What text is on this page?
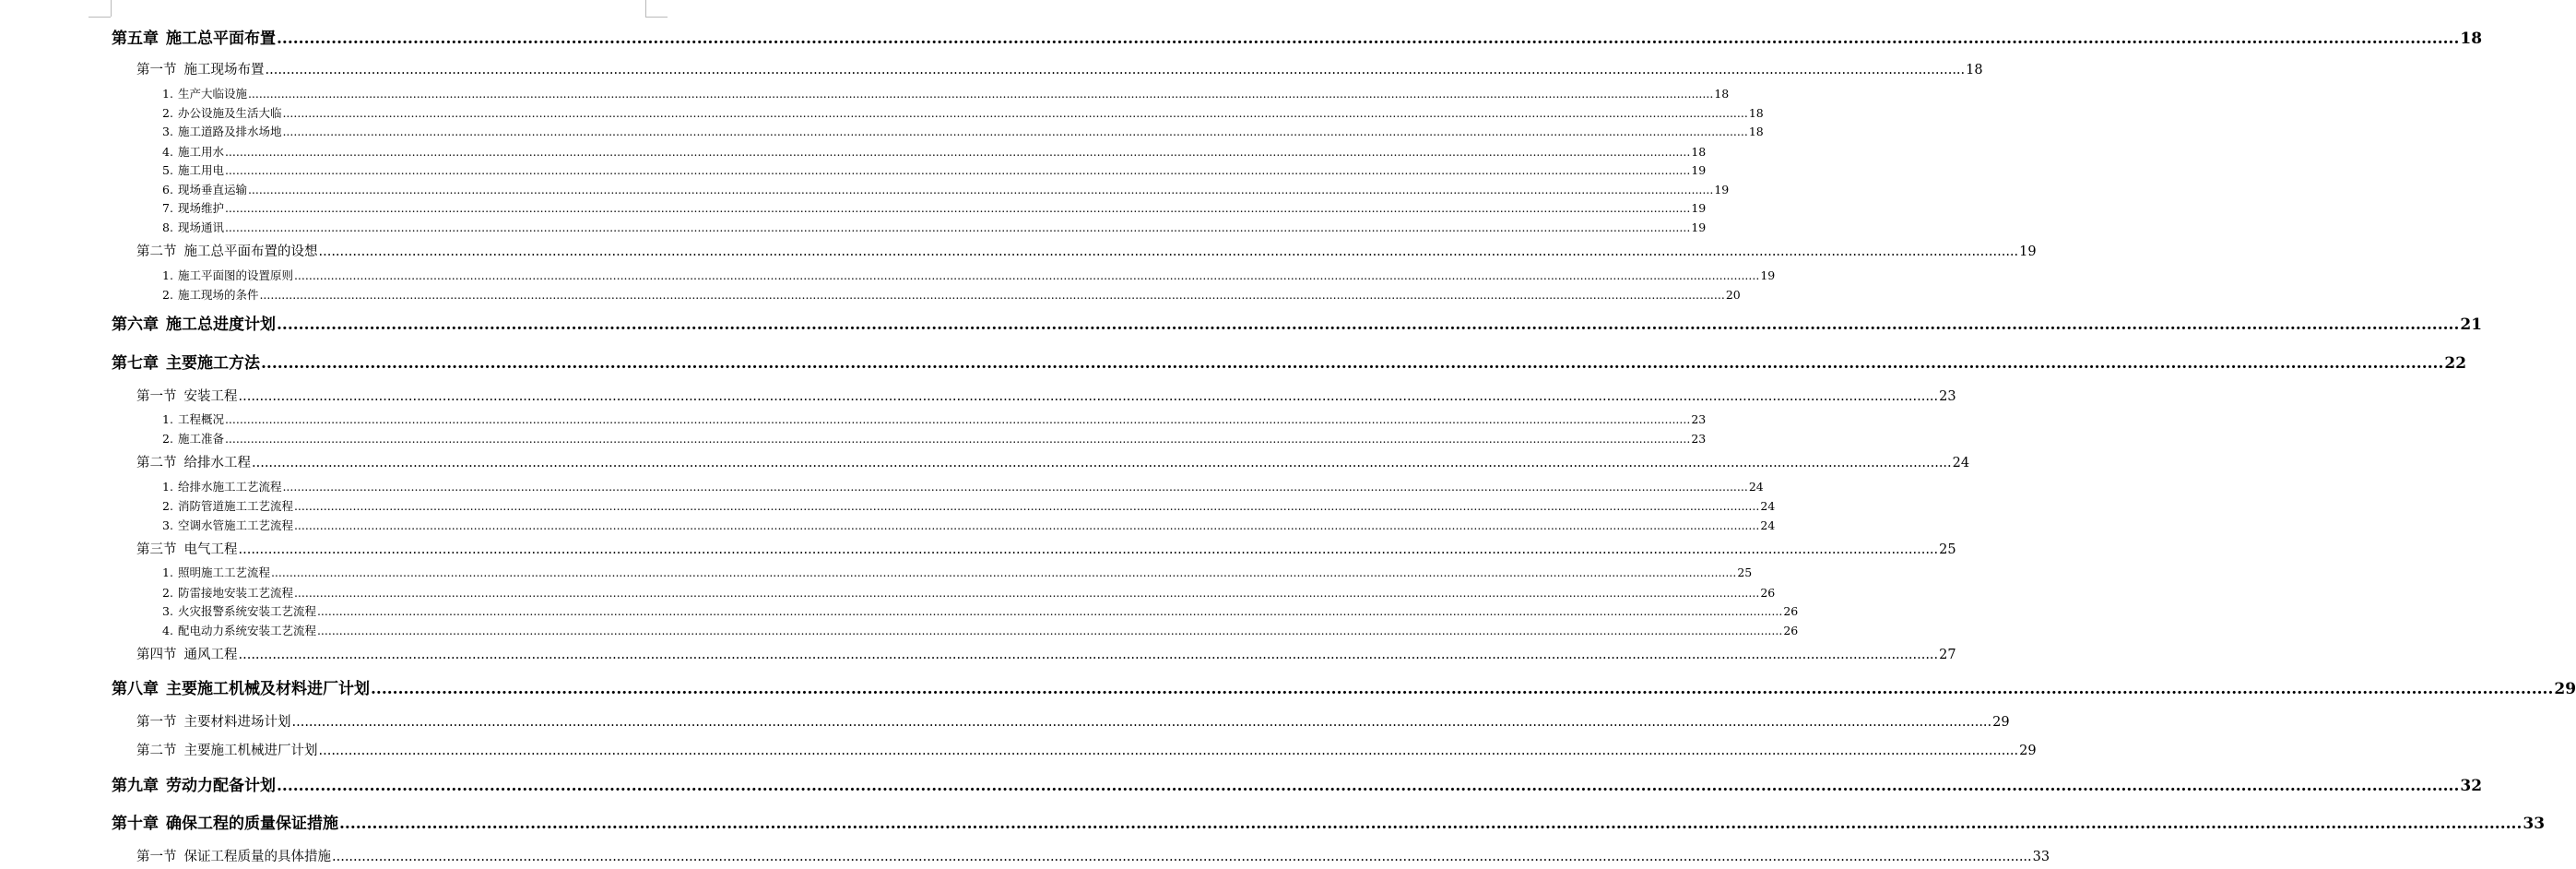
第五章 施工总平面布置 ................................................................................................................................................................................................................................................................................................................................................................................................................ 18
第一节 施工现场布置 ................................................................................................................................................................................................................................................................................................................................................................................................................ 18
1. 生产大临设施 ................................................................................................................................................................................................................................................................................................................................................................................................................ 18
2. 办公设施及生活大临 ................................................................................................................................................................................................................................................................................................................................................................................................................ 18
3. 施工道路及排水场地 ................................................................................................................................................................................................................................................................................................................................................................................................................ 18
4. 施工用水 ................................................................................................................................................................................................................................................................................................................................................................................................................ 18
5. 施工用电 ................................................................................................................................................................................................................................................................................................................................................................................................................ 19
6. 现场垂直运输 ................................................................................................................................................................................................................................................................................................................................................................................................................ 19
7. 现场维护 ................................................................................................................................................................................................................................................................................................................................................................................................................ 19
8. 现场通讯 ................................................................................................................................................................................................................................................................................................................................................................................................................ 19
第二节 施工总平面布置的设想 ................................................................................................................................................................................................................................................................................................................................................................................................................ 19
1. 施工平面图的设置原则 ................................................................................................................................................................................................................................................................................................................................................................................................................ 19
2. 施工现场的条件 ................................................................................................................................................................................................................................................................................................................................................................................................................ 20
第六章 施工总进度计划 ................................................................................................................................................................................................................................................................................................................................................................................................................ 21
第七章 主要施工方法 ................................................................................................................................................................................................................................................................................................................................................................................................................ 22
第一节 安装工程 ................................................................................................................................................................................................................................................................................................................................................................................................................ 23
1. 工程概况 ................................................................................................................................................................................................................................................................................................................................................................................................................ 23
2. 施工准备 ................................................................................................................................................................................................................................................................................................................................................................................................................ 23
第二节 给排水工程 ................................................................................................................................................................................................................................................................................................................................................................................................................ 24
1. 给排水施工工艺流程 ................................................................................................................................................................................................................................................................................................................................................................................................................ 24
2. 消防管道施工工艺流程 ................................................................................................................................................................................................................................................................................................................................................................................................................ 24
3. 空调水管施工工艺流程 ................................................................................................................................................................................................................................................................................................................................................................................................................ 24
第三节 电气工程 ................................................................................................................................................................................................................................................................................................................................................................................................................ 25
1. 照明施工工艺流程 ................................................................................................................................................................................................................................................................................................................................................................................................................ 25
2. 防雷接地安装工艺流程 ................................................................................................................................................................................................................................................................................................................................................................................................................ 26
3. 火灾报警系统安装工艺流程 ................................................................................................................................................................................................................................................................................................................................................................................................................ 26
4. 配电动力系统安装工艺流程 ................................................................................................................................................................................................................................................................................................................................................................................................................ 26
第四节 通风工程 ................................................................................................................................................................................................................................................................................................................................................................................................................ 27
第八章 主要施工机械及材料进厂计划 ................................................................................................................................................................................................................................................................................................................................................................................................................ 29
第一节 主要材料进场计划 ................................................................................................................................................................................................................................................................................................................................................................................................................ 29
第二节 主要施工机械进厂计划 ................................................................................................................................................................................................................................................................................................................................................................................................................ 29
第九章 劳动力配备计划 ................................................................................................................................................................................................................................................................................................................................................................................................................ 32
第十章 确保工程的质量保证措施 ................................................................................................................................................................................................................................................................................................................................................................................................................ 33
第一节 保证工程质量的具体措施 ................................................................................................................................................................................................................................................................................................................................................................................................................ 33
